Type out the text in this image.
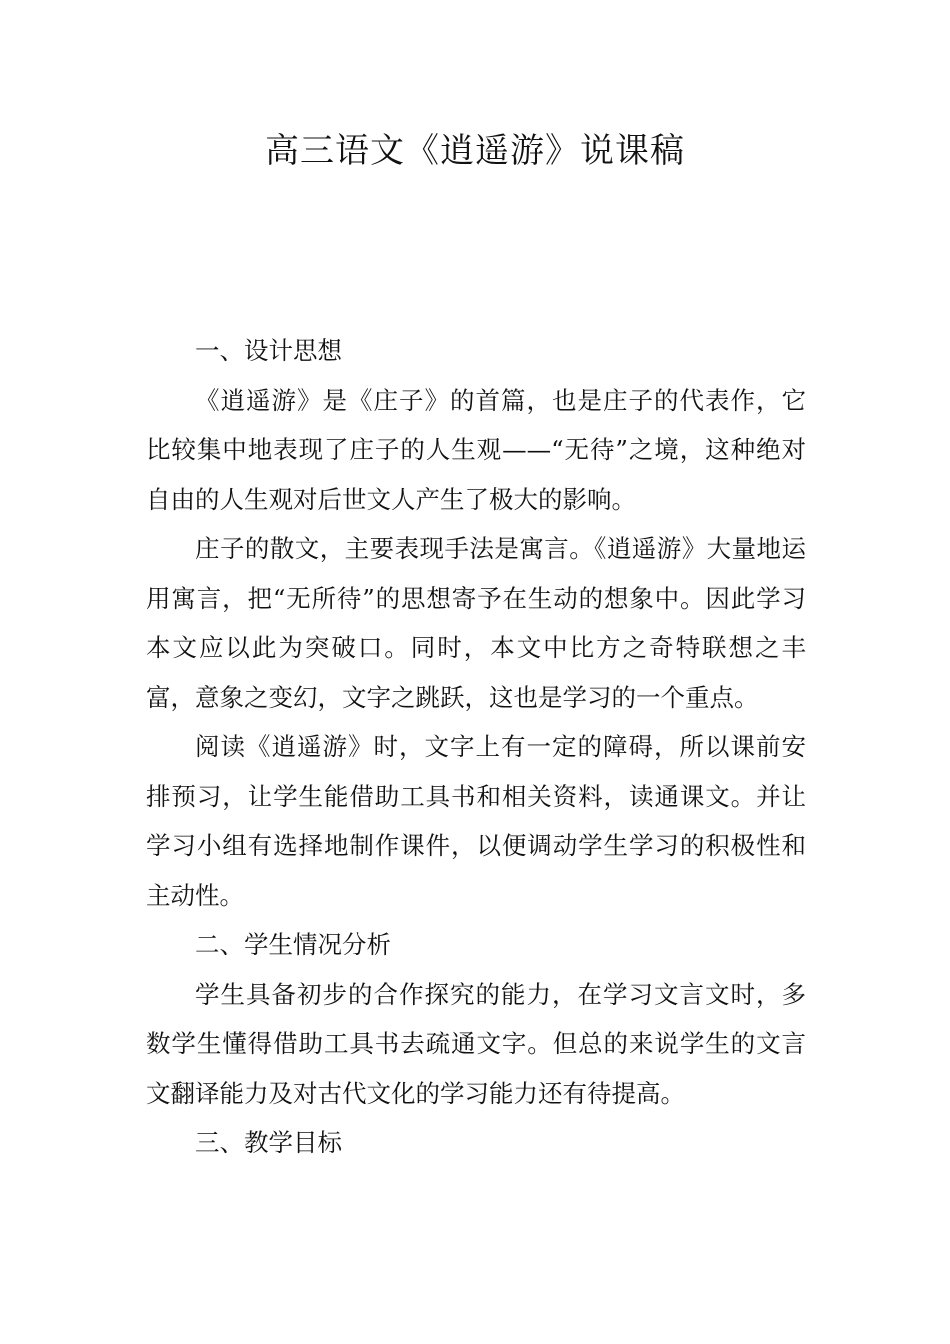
高三语文《逍遥游》说课稿

一、设计思想

《逍遥游》是《庄子》的首篇，也是庄子的代表作，它比较集中地表现了庄子的人生观——“无待”之境，这种绝对自由的人生观对后世文人产生了极大的影响。

庄子的散文，主要表现手法是寓言。《逍遥游》大量地运用寓言，把“无所待”的思想寄予在生动的想象中。因此学习本文应以此为突破口。同时，本文中比方之奇特联想之丰富，意象之变幻，文字之跳跃，这也是学习的一个重点。

阅读《逍遥游》时，文字上有一定的障碍，所以课前安排预习，让学生能借助工具书和相关资料，读通课文。并让学习小组有选择地制作课件，以便调动学生学习的积极性和主动性。

二、学生情况分析

学生具备初步的合作探究的能力，在学习文言文时，多数学生懂得借助工具书去疏通文字。但总的来说学生的文言文翻译能力及对古代文化的学习能力还有待提高。

三、教学目标
